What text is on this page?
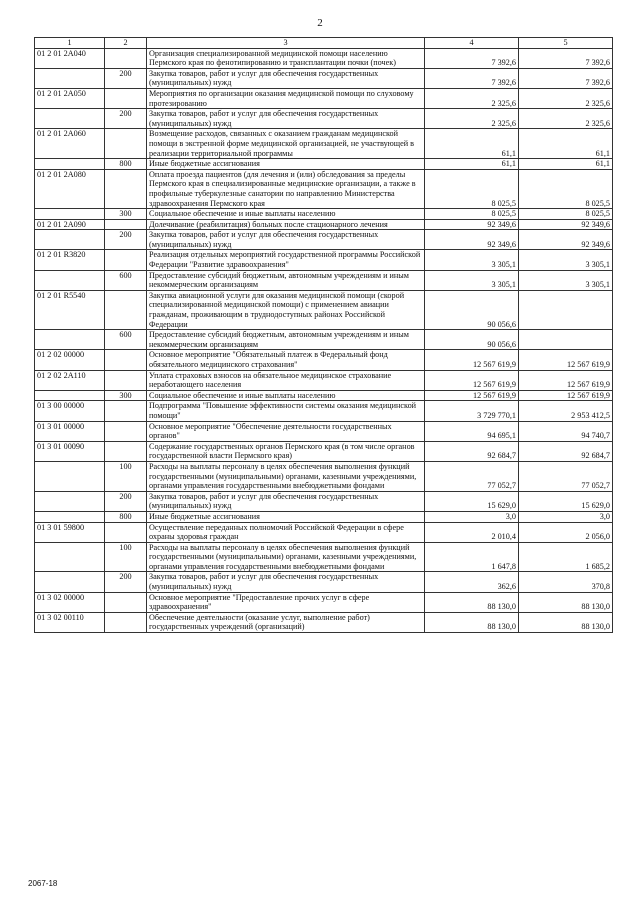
2
1	2	3	4	5
01 2 01 2А040		Организация специализированной медицинской помощи населению Пермского края по фенотипированию и трансплантации почки (почек)	7 392,6	7 392,6
	200	Закупка товаров, работ и услуг для обеспечения государственных (муниципальных) нужд	7 392,6	7 392,6
01 2 01 2А050		Мероприятия по организации оказания медицинской помощи по слуховому протезированию	2 325,6	2 325,6
	200	Закупка товаров, работ и услуг для обеспечения государственных (муниципальных) нужд	2 325,6	2 325,6
01 2 01 2А060		Возмещение расходов, связанных с оказанием гражданам медицинской помощи в экстренной форме медицинской организацией, не участвующей в реализации территориальной программы	61,1	61,1
	800	Иные бюджетные ассигнования	61,1	61,1
01 2 01 2А080		Оплата проезда пациентов (для лечения и (или) обследования за пределы Пермского края в специализированные медицинские организации, а также в профильные туберкулезные санатории по направлению Министерства здравоохранения Пермского края	8 025,5	8 025,5
	300	Социальное обеспечение и иные выплаты населению	8 025,5	8 025,5
01 2 01 2А090		Долечивание (реабилитация) больных после стационарного лечения	92 349,6	92 349,6
	200	Закупка товаров, работ и услуг для обеспечения государственных (муниципальных) нужд	92 349,6	92 349,6
01 2 01 R3820		Реализация отдельных мероприятий государственной программы Российской Федерации "Развитие здравоохранения"	3 305,1	3 305,1
	600	Предоставление субсидий бюджетным, автономным учреждениям и иным некоммерческим организациям	3 305,1	3 305,1
01 2 01 R5540		Закупка авиационной услуги для оказания медицинской помощи (скорой специализированной медицинской помощи) с применением авиации гражданам, проживающим в труднодоступных районах Российской Федерации	90 056,6	
	600	Предоставление субсидий бюджетным, автономным учреждениям и иным некоммерческим организациям	90 056,6	
01 2 02 00000		Основное мероприятие "Обязательный платеж в Федеральный фонд обязательного медицинского страхования"	12 567 619,9	12 567 619,9
01 2 02 2А110		Уплата страховых взносов на обязательное медицинское страхование неработающего населения	12 567 619,9	12 567 619,9
	300	Социальное обеспечение и иные выплаты населению	12 567 619,9	12 567 619,9
01 3 00 00000		Подпрограмма "Повышение эффективности системы оказания медицинской помощи"	3 729 770,1	2 953 412,5
01 3 01 00000		Основное мероприятие "Обеспечение деятельности государственных органов"	94 695,1	94 740,7
01 3 01 00090		Содержание государственных органов Пермского края (в том числе органов государственной власти Пермского края)	92 684,7	92 684,7
	100	Расходы на выплаты персоналу в целях обеспечения выполнения функций государственными (муниципальными) органами, казенными учреждениями, органами управления государственными внебюджетными фондами	77 052,7	77 052,7
	200	Закупка товаров, работ и услуг для обеспечения государственных (муниципальных) нужд	15 629,0	15 629,0
	800	Иные бюджетные ассигнования	3,0	3,0
01 3 01 59800		Осуществление переданных полномочий Российской Федерации в сфере охраны здоровья граждан	2 010,4	2 056,0
	100	Расходы на выплаты персоналу в целях обеспечения выполнения функций государственными (муниципальными) органами, казенными учреждениями, органами управления государственными внебюджетными фондами	1 647,8	1 685,2
	200	Закупка товаров, работ и услуг для обеспечения государственных (муниципальных) нужд	362,6	370,8
01 3 02 00000		Основное мероприятие "Предоставление прочих услуг в сфере здравоохранения"	88 130,0	88 130,0
01 3 02 00110		Обеспечение деятельности (оказание услуг, выполнение работ) государственных учреждений (организаций)	88 130,0	88 130,0
2067-18
